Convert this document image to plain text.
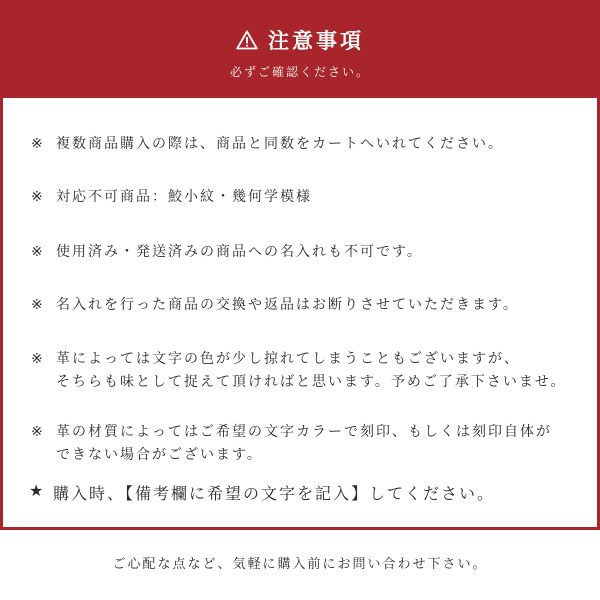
注意事項
必ずご確認ください。
※ 複数商品購入の際は、商品と同数をカートへいれてください。
※ 対応不可商品：鮫小紋・幾何学模様
※ 使用済み・発送済みの商品への名入れも不可です。
※ 名入れを行った商品の交換や返品はお断りさせていただきます。
※ 革によっては文字の色が少し掠れてしまうこともございますが、
そちらも味として捉えて頂ければと思います。予めご了承下さいませ。
※ 革の材質によってはご希望の文字カラーで刻印、もしくは刻印自体が
できない場合がございます。
★ 購入時、【備考欄に希望の文字を記入】してください。
ご心配な点など、気軽に購入前にお問い合わせ下さい。
